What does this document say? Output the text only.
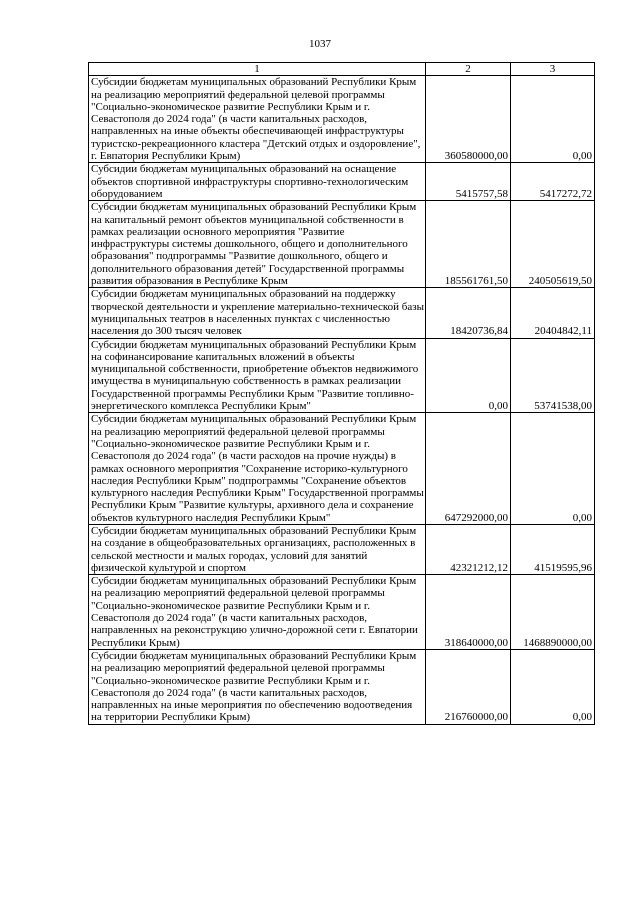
1037
1	2	3
Субсидии бюджетам муниципальных образований Республики Крым на реализацию мероприятий федеральной целевой программы "Социально-экономическое развитие Республики Крым и г. Севастополя до 2024 года" (в части капитальных расходов, направленных на иные объекты обеспечивающей инфраструктуры туристско-рекреационного кластера "Детский отдых и оздоровление", г. Евпатория Республики Крым)	360580000,00	0,00
Субсидии бюджетам муниципальных образований на оснащение объектов спортивной инфраструктуры спортивно-технологическим оборудованием	5415757,58	5417272,72
Субсидии бюджетам муниципальных образований Республики Крым на капитальный ремонт объектов муниципальной собственности в рамках реализации основного мероприятия "Развитие инфраструктуры системы дошкольного, общего и дополнительного образования" подпрограммы "Развитие дошкольного, общего и дополнительного образования детей" Государственной программы развития образования в Республике Крым	185561761,50	240505619,50
Субсидии бюджетам муниципальных образований на поддержку творческой деятельности и укрепление материально-технической базы муниципальных театров в населенных пунктах с численностью населения до 300 тысяч человек	18420736,84	20404842,11
Субсидии бюджетам муниципальных образований Республики Крым на софинансирование капитальных вложений в объекты муниципальной собственности, приобретение объектов недвижимого имущества в муниципальную собственность в рамках реализации Государственной программы Республики Крым "Развитие топливно-энергетического комплекса Республики Крым"	0,00	53741538,00
Субсидии бюджетам муниципальных образований Республики Крым на реализацию мероприятий федеральной целевой программы "Социально-экономическое развитие Республики Крым и г. Севастополя до 2024 года" (в части расходов на прочие нужды) в рамках основного мероприятия "Сохранение историко-культурного наследия Республики Крым" подпрограммы "Сохранение объектов культурного наследия Республики Крым" Государственной программы Республики Крым "Развитие культуры, архивного дела и сохранение объектов культурного наследия Республики Крым"	647292000,00	0,00
Субсидии бюджетам муниципальных образований Республики Крым на создание в общеобразовательных организациях, расположенных в сельской местности и малых городах, условий для занятий физической культурой и спортом	42321212,12	41519595,96
Субсидии бюджетам муниципальных образований Республики Крым на реализацию мероприятий федеральной целевой программы "Социально-экономическое развитие Республики Крым и г. Севастополя до 2024 года" (в части капитальных расходов, направленных на реконструкцию улично-дорожной сети г. Евпатории Республики Крым)	318640000,00	1468890000,00
Субсидии бюджетам муниципальных образований Республики Крым на реализацию мероприятий федеральной целевой программы "Социально-экономическое развитие Республики Крым и г. Севастополя до 2024 года" (в части капитальных расходов, направленных на иные мероприятия по обеспечению водоотведения на территории Республики Крым)	216760000,00	0,00
